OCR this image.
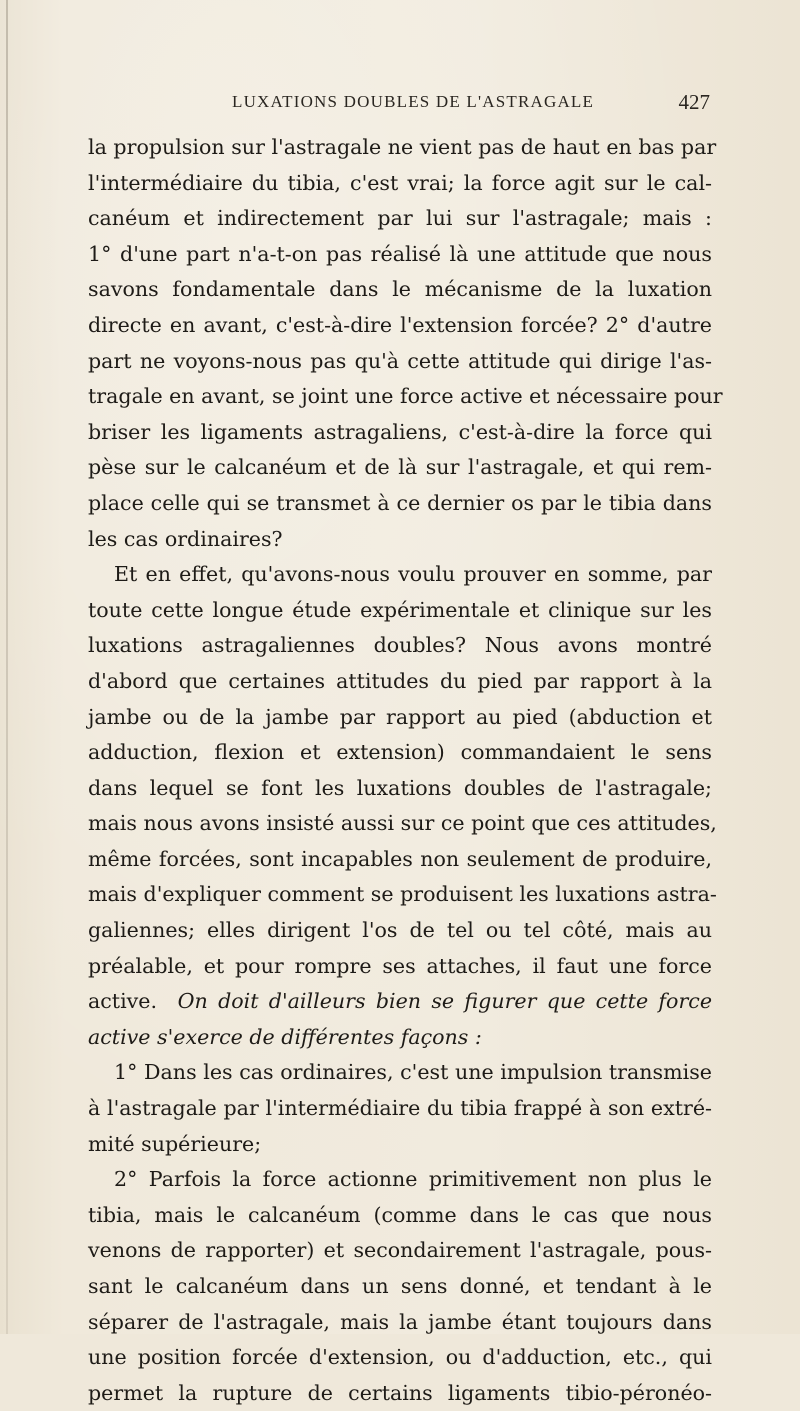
LUXATIONS DOUBLES DE L'ASTRAGALE	427
la propulsion sur l'astragale ne vient pas de haut en bas par
l'intermédiaire du tibia, c'est vrai; la force agit sur le cal-
canéum et indirectement par lui sur l'astragale; mais :
1° d'une part n'a-t-on pas réalisé là une attitude que nous
savons fondamentale dans le mécanisme de la luxation
directe en avant, c'est-à-dire l'extension forcée? 2° d'autre
part ne voyons-nous pas qu'à cette attitude qui dirige l'as-
tragale en avant, se joint une force active et nécessaire pour
briser les ligaments astragaliens, c'est-à-dire la force qui
pèse sur le calcanéum et de là sur l'astragale, et qui rem-
place celle qui se transmet à ce dernier os par le tibia dans
les cas ordinaires?
Et en effet, qu'avons-nous voulu prouver en somme, par
toute cette longue étude expérimentale et clinique sur les
luxations astragaliennes doubles? Nous avons montré
d'abord que certaines attitudes du pied par rapport à la
jambe ou de la jambe par rapport au pied (abduction et
adduction, flexion et extension) commandaient le sens
dans lequel se font les luxations doubles de l'astragale;
mais nous avons insisté aussi sur ce point que ces attitudes,
même forcées, sont incapables non seulement de produire,
mais d'expliquer comment se produisent les luxations astra-
galiennes; elles dirigent l'os de tel ou tel côté, mais au
préalable, et pour rompre ses attaches, il faut une force
active. On doit d'ailleurs bien se figurer que cette force
active s'exerce de différentes façons :
1° Dans les cas ordinaires, c'est une impulsion transmise
à l'astragale par l'intermédiaire du tibia frappé à son extré-
mité supérieure;
2° Parfois la force actionne primitivement non plus le
tibia, mais le calcanéum (comme dans le cas que nous
venons de rapporter) et secondairement l'astragale, pous-
sant le calcanéum dans un sens donné, et tendant à le
séparer de l'astragale, mais la jambe étant toujours dans
une position forcée d'extension, ou d'adduction, etc., qui
permet la rupture de certains ligaments tibio-péronéo-
